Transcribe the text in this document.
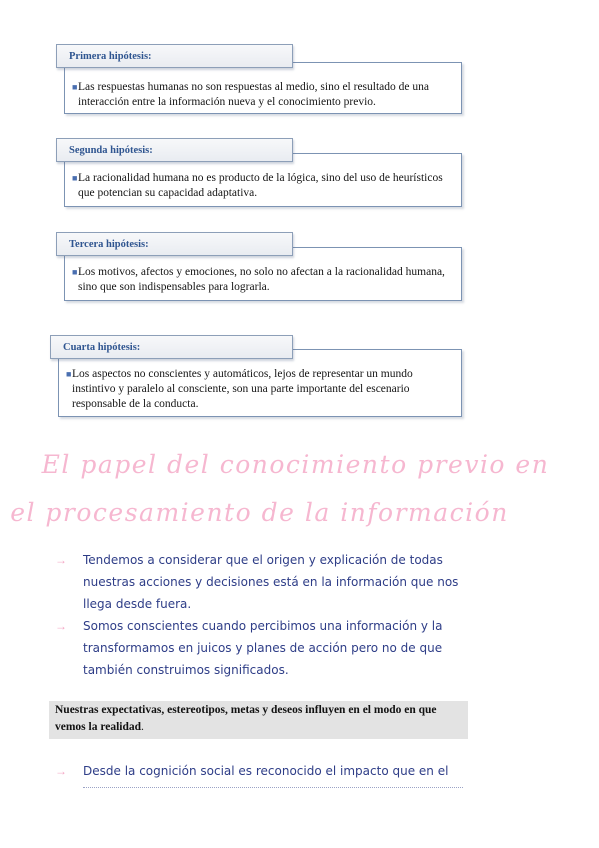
Primera hipótesis:
■ Las respuestas humanas no son respuestas al medio, sino el resultado de una interacción entre la información nueva y el conocimiento previo.
Segunda hipótesis:
■ La racionalidad humana no es producto de la lógica, sino del uso de heurísticos que potencian su capacidad adaptativa.
Tercera hipótesis:
■ Los motivos, afectos y emociones, no solo no afectan a la racionalidad humana, sino que son indispensables para lograrla.
Cuarta hipótesis:
■ Los aspectos no conscientes y automáticos, lejos de representar un mundo instintivo y paralelo al consciente, son una parte importante del escenario responsable de la conducta.
El papel del conocimiento previo en
el procesamiento de la información
→ Tendemos a considerar que el origen y explicación de todas nuestras acciones y decisiones está en la información que nos llega desde fuera.
→ Somos conscientes cuando percibimos una información y la transformamos en juicos y planes de acción pero no de que también construimos significados.
Nuestras expectativas, estereotipos, metas y deseos influyen en el modo en que vemos la realidad.
→ Desde la cognición social es reconocido el impacto que en el
